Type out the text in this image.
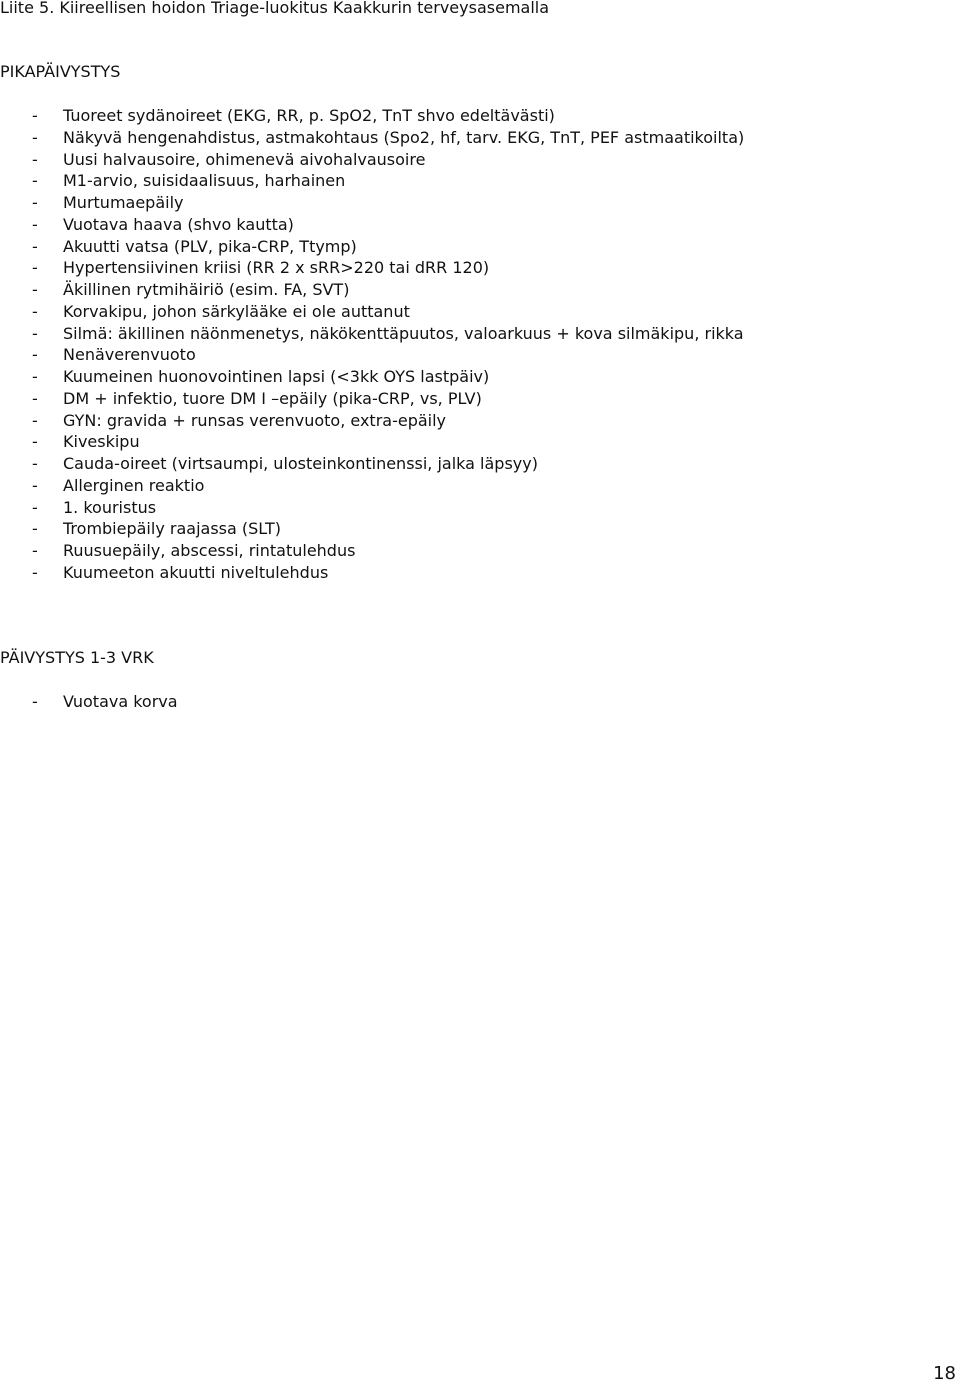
Liite 5. Kiireellisen hoidon Triage-luokitus Kaakkurin terveysasemalla
PIKAPÄIVYSTYS
- Tuoreet sydänoireet (EKG, RR, p. SpO2, TnT shvo edeltävästi)
- Näkyvä hengenahdistus, astmakohtaus (Spo2, hf, tarv. EKG, TnT, PEF astmaatikoilta)
- Uusi halvausoire, ohimenevä aivohalvausoire
- M1-arvio, suisidaalisuus, harhainen
- Murtumaepäily
- Vuotava haava (shvo kautta)
- Akuutti vatsa (PLV, pika-CRP, Ttymp)
- Hypertensiivinen kriisi (RR 2 x sRR>220 tai dRR 120)
- Äkillinen rytmihäiriö (esim. FA, SVT)
- Korvakipu, johon särkylääke ei ole auttanut
- Silmä: äkillinen näönmenetys, näkökenttäpuutos, valoarkuus + kova silmäkipu, rikka
- Nenäverenvuoto
- Kuumeinen huonovointinen lapsi (<3kk OYS lastpäiv)
- DM + infektio, tuore DM I –epäily (pika-CRP, vs, PLV)
- GYN: gravida + runsas verenvuoto, extra-epäily
- Kiveskipu
- Cauda-oireet (virtsaumpi, ulosteinkontinenssi, jalka läpsyy)
- Allerginen reaktio
- 1. kouristus
- Trombiepäily raajassa (SLT)
- Ruusuepäily, abscessi, rintatulehdus
- Kuumeeton akuutti niveltulehdus
PÄIVYSTYS 1-3 VRK
- Vuotava korva
18
